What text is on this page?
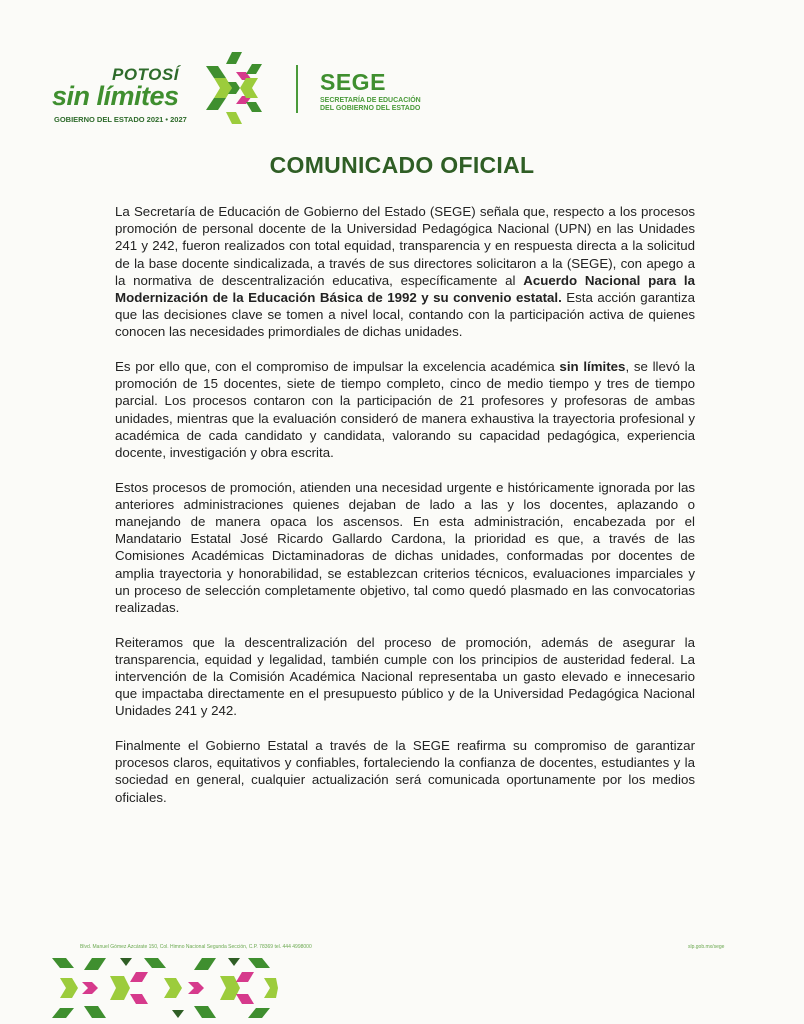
POTOSÍ
sin límites
GOBIERNO DEL ESTADO 2021 • 2027
SEGE
SECRETARÍA DE EDUCACIÓN
DEL GOBIERNO DEL ESTADO
COMUNICADO OFICIAL

La Secretaría de Educación de Gobierno del Estado (SEGE) señala que, respecto a los procesos promoción de personal docente de la Universidad Pedagógica Nacional (UPN) en las Unidades 241 y 242, fueron realizados con total equidad, transparencia y en respuesta directa a la solicitud de la base docente sindicalizada, a través de sus directores solicitaron a la (SEGE), con apego a la normativa de descentralización educativa, específicamente al Acuerdo Nacional para la Modernización de la Educación Básica de 1992 y su convenio estatal. Esta acción garantiza que las decisiones clave se tomen a nivel local, contando con la participación activa de quienes conocen las necesidades primordiales de dichas unidades.

Es por ello que, con el compromiso de impulsar la excelencia académica sin límites, se llevó la promoción de 15 docentes, siete de tiempo completo, cinco de medio tiempo y tres de tiempo parcial. Los procesos contaron con la participación de 21 profesores y profesoras de ambas unidades, mientras que la evaluación consideró de manera exhaustiva la trayectoria profesional y académica de cada candidato y candidata, valorando su capacidad pedagógica, experiencia docente, investigación y obra escrita.

Estos procesos de promoción, atienden una necesidad urgente e históricamente ignorada por las anteriores administraciones quienes dejaban de lado a las y los docentes, aplazando o manejando de manera opaca los ascensos. En esta administración, encabezada por el Mandatario Estatal José Ricardo Gallardo Cardona, la prioridad es que, a través de las Comisiones Académicas Dictaminadoras de dichas unidades, conformadas por docentes de amplia trayectoria y honorabilidad, se establezcan criterios técnicos, evaluaciones imparciales y un proceso de selección completamente objetivo, tal como quedó plasmado en las convocatorias realizadas.

Reiteramos que la descentralización del proceso de promoción, además de asegurar la transparencia, equidad y legalidad, también cumple con los principios de austeridad federal. La intervención de la Comisión Académica Nacional representaba un gasto elevado e innecesario que impactaba directamente en el presupuesto público y de la Universidad Pedagógica Nacional Unidades 241 y 242.

Finalmente el Gobierno Estatal a través de la SEGE reafirma su compromiso de garantizar procesos claros, equitativos y confiables, fortaleciendo la confianza de docentes, estudiantes y la sociedad en general, cualquier actualización será comunicada oportunamente por los medios oficiales.

Blvd. Manuel Gómez Azcárate 150, Col. Himno Nacional Segunda Sección, C.P. 78369 tel. 444 4998000	slp.gob.mx/sege
